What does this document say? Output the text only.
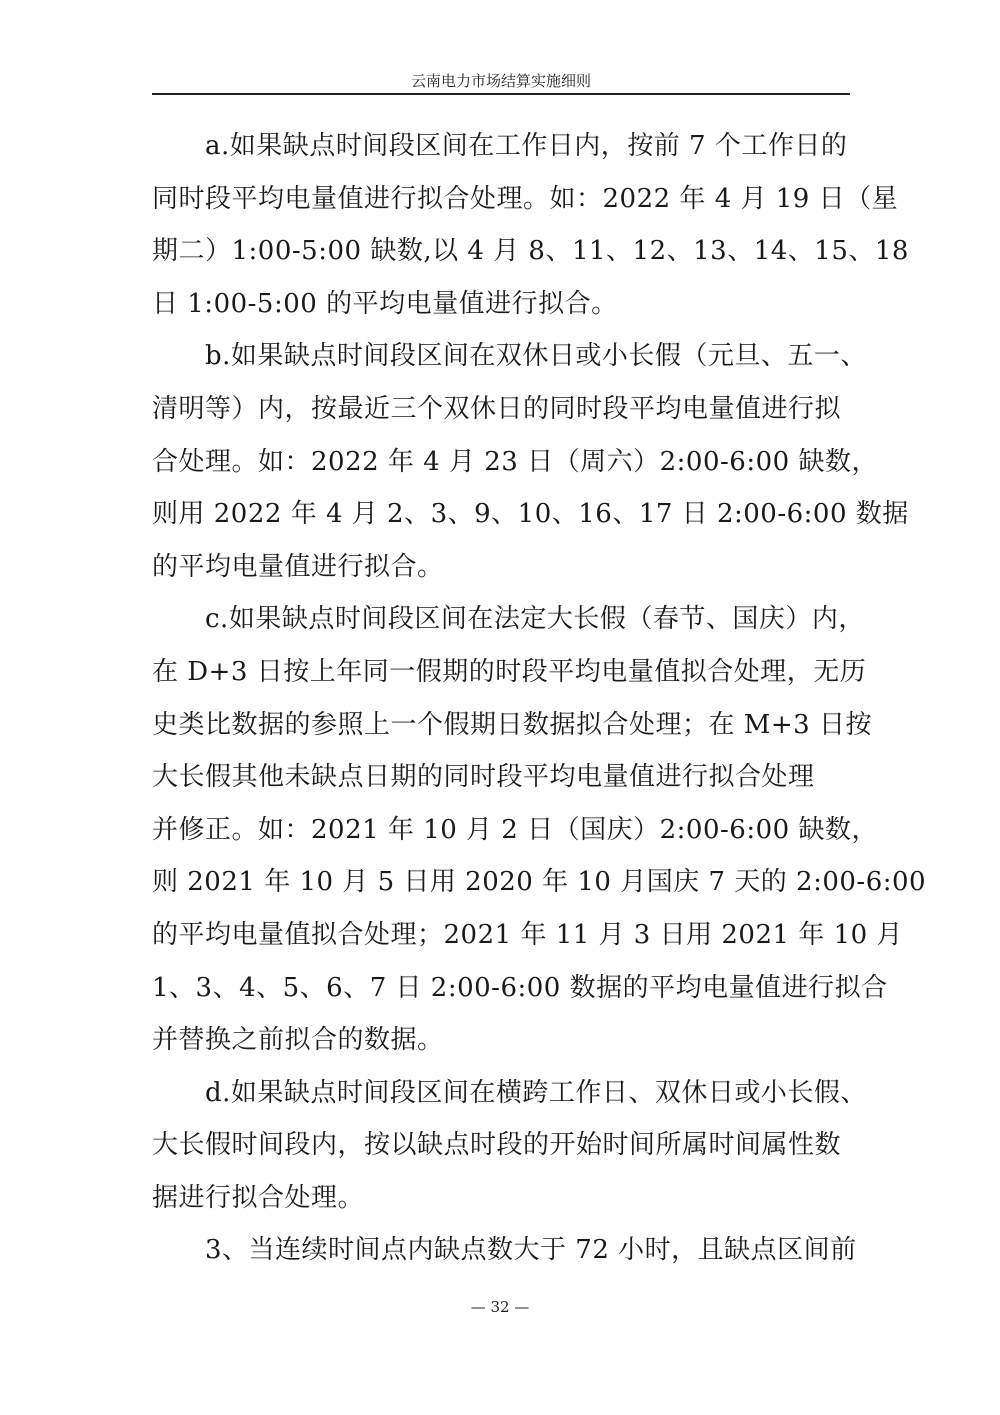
云南电力市场结算实施细则
　　a.如果缺点时间段区间在工作日内，按前 7 个工作日的
同时段平均电量值进行拟合处理。如：2022 年 4 月 19 日（星
期二）1:00-5:00 缺数,以 4 月 8、11、12、13、14、15、18
日 1:00-5:00 的平均电量值进行拟合。
　　b.如果缺点时间段区间在双休日或小长假（元旦、五一、
清明等）内，按最近三个双休日的同时段平均电量值进行拟
合处理。如：2022 年 4 月 23 日（周六）2:00-6:00 缺数，
则用 2022 年 4 月 2、3、9、10、16、17 日 2:00-6:00 数据
的平均电量值进行拟合。
　　c.如果缺点时间段区间在法定大长假（春节、国庆）内，
在 D+3 日按上年同一假期的时段平均电量值拟合处理，无历
史类比数据的参照上一个假期日数据拟合处理；在 M+3 日按
大长假其他未缺点日期的同时段平均电量值进行拟合处理
并修正。如：2021 年 10 月 2 日（国庆）2:00-6:00 缺数，
则 2021 年 10 月 5 日用 2020 年 10 月国庆 7 天的 2:00-6:00
的平均电量值拟合处理；2021 年 11 月 3 日用 2021 年 10 月
1、3、4、5、6、7 日 2:00-6:00 数据的平均电量值进行拟合
并替换之前拟合的数据。
　　d.如果缺点时间段区间在横跨工作日、双休日或小长假、
大长假时间段内，按以缺点时段的开始时间所属时间属性数
据进行拟合处理。
　　3、当连续时间点内缺点数大于 72 小时，且缺点区间前
— 32 —
